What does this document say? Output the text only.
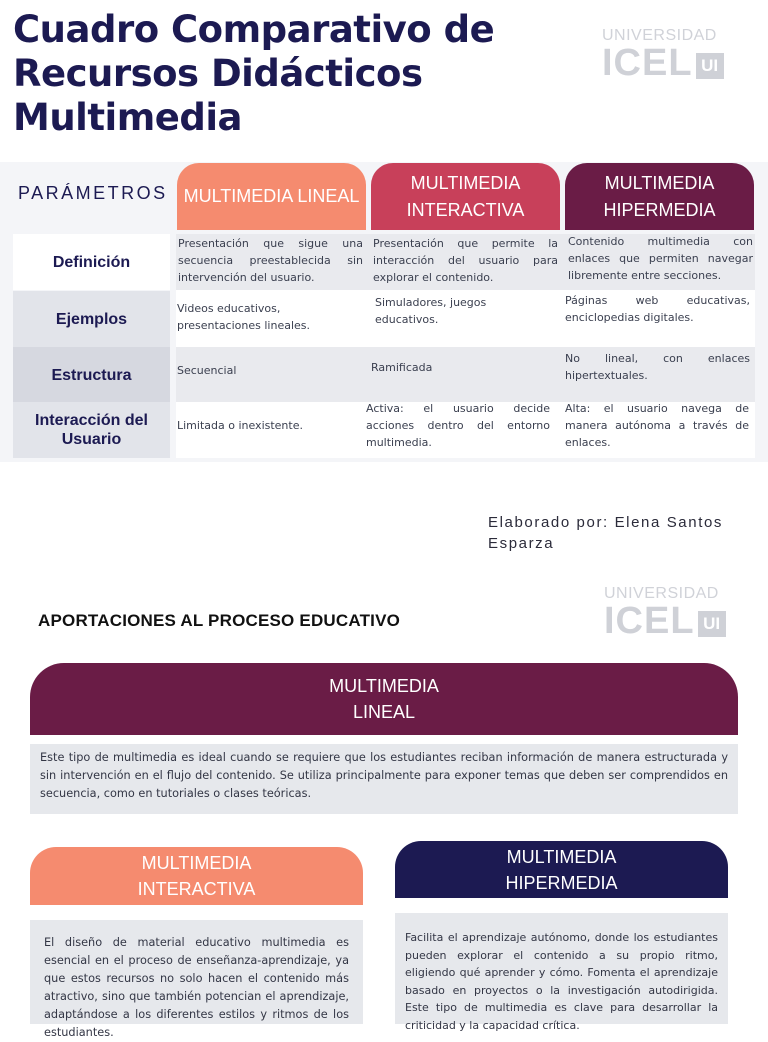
Cuadro Comparativo de Recursos Didácticos Multimedia
UNIVERSIDAD
ICEL UI
PARÁMETROS MULTIMEDIA LINEAL
MULTIMEDIA INTERACTIVA
MULTIMEDIA HIPERMEDIA
Definición
Ejemplos
Estructura
Interacción del Usuario
Presentación que sigue una secuencia preestablecida sin intervención del usuario.
Presentación que permite la interacción del usuario para explorar el contenido.
Contenido multimedia con enlaces que permiten navegar libremente entre secciones.
Videos educativos, presentaciones lineales.
Simuladores, juegos educativos.
Páginas web educativas, enciclopedias digitales.
Secuencial	Ramificada
No lineal, con enlaces hipertextuales.
Limitada o inexistente.
Activa: el usuario decide acciones dentro del entorno multimedia.
Alta: el usuario navega de manera autónoma a través de enlaces.
Elaborado por: Elena Santos Esparza
APORTACIONES AL PROCESO EDUCATIVO
UNIVERSIDAD
ICEL UI
MULTIMEDIA LINEAL
Este tipo de multimedia es ideal cuando se requiere que los estudiantes reciban información de manera estructurada y sin intervención en el flujo del contenido. Se utiliza principalmente para exponer temas que deben ser comprendidos en secuencia, como en tutoriales o clases teóricas.
MULTIMEDIA INTERACTIVA
El diseño de material educativo multimedia es esencial en el proceso de enseñanza-aprendizaje, ya que estos recursos no solo hacen el contenido más atractivo, sino que también potencian el aprendizaje, adaptándose a los diferentes estilos y ritmos de los estudiantes.
MULTIMEDIA HIPERMEDIA
Facilita el aprendizaje autónomo, donde los estudiantes pueden explorar el contenido a su propio ritmo, eligiendo qué aprender y cómo. Fomenta el aprendizaje basado en proyectos o la investigación autodirigida. Este tipo de multimedia es clave para desarrollar la criticidad y la capacidad crítica.
